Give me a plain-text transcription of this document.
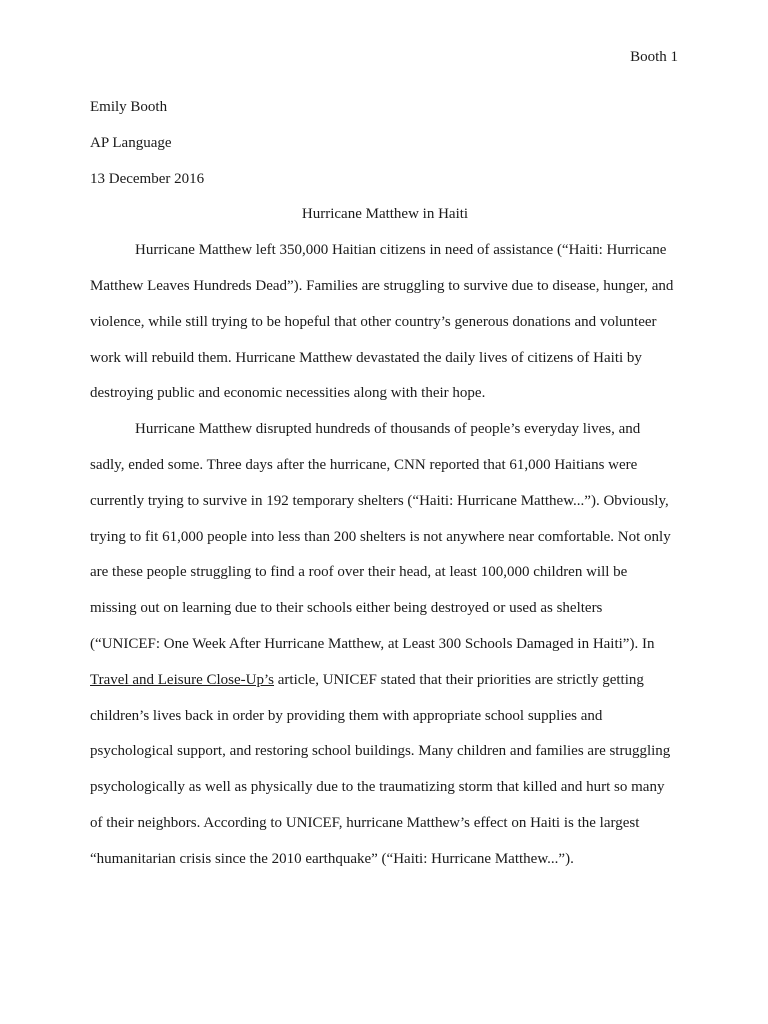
Booth 1
Emily Booth
AP Language
13 December 2016
Hurricane Matthew in Haiti
Hurricane Matthew left 350,000 Haitian citizens in need of assistance (“Haiti: Hurricane
Matthew Leaves Hundreds Dead”). Families are struggling to survive due to disease, hunger, and
violence, while still trying to be hopeful that other country’s generous donations and volunteer
work will rebuild them. Hurricane Matthew devastated the daily lives of citizens of Haiti by
destroying public and economic necessities along with their hope.
Hurricane Matthew disrupted hundreds of thousands of people’s everyday lives, and
sadly, ended some. Three days after the hurricane, CNN reported that 61,000 Haitians were
currently trying to survive in 192 temporary shelters (“Haiti: Hurricane Matthew...”). Obviously,
trying to fit 61,000 people into less than 200 shelters is not anywhere near comfortable. Not only
are these people struggling to find a roof over their head, at least 100,000 children will be
missing out on learning due to their schools either being destroyed or used as shelters
(“UNICEF: One Week After Hurricane Matthew, at Least 300 Schools Damaged in Haiti”). In
Travel and Leisure Close-Up’s article, UNICEF stated that their priorities are strictly getting
children’s lives back in order by providing them with appropriate school supplies and
psychological support, and restoring school buildings. Many children and families are struggling
psychologically as well as physically due to the traumatizing storm that killed and hurt so many
of their neighbors. According to UNICEF, hurricane Matthew’s effect on Haiti is the largest
“humanitarian crisis since the 2010 earthquake” (“Haiti: Hurricane Matthew...”).
